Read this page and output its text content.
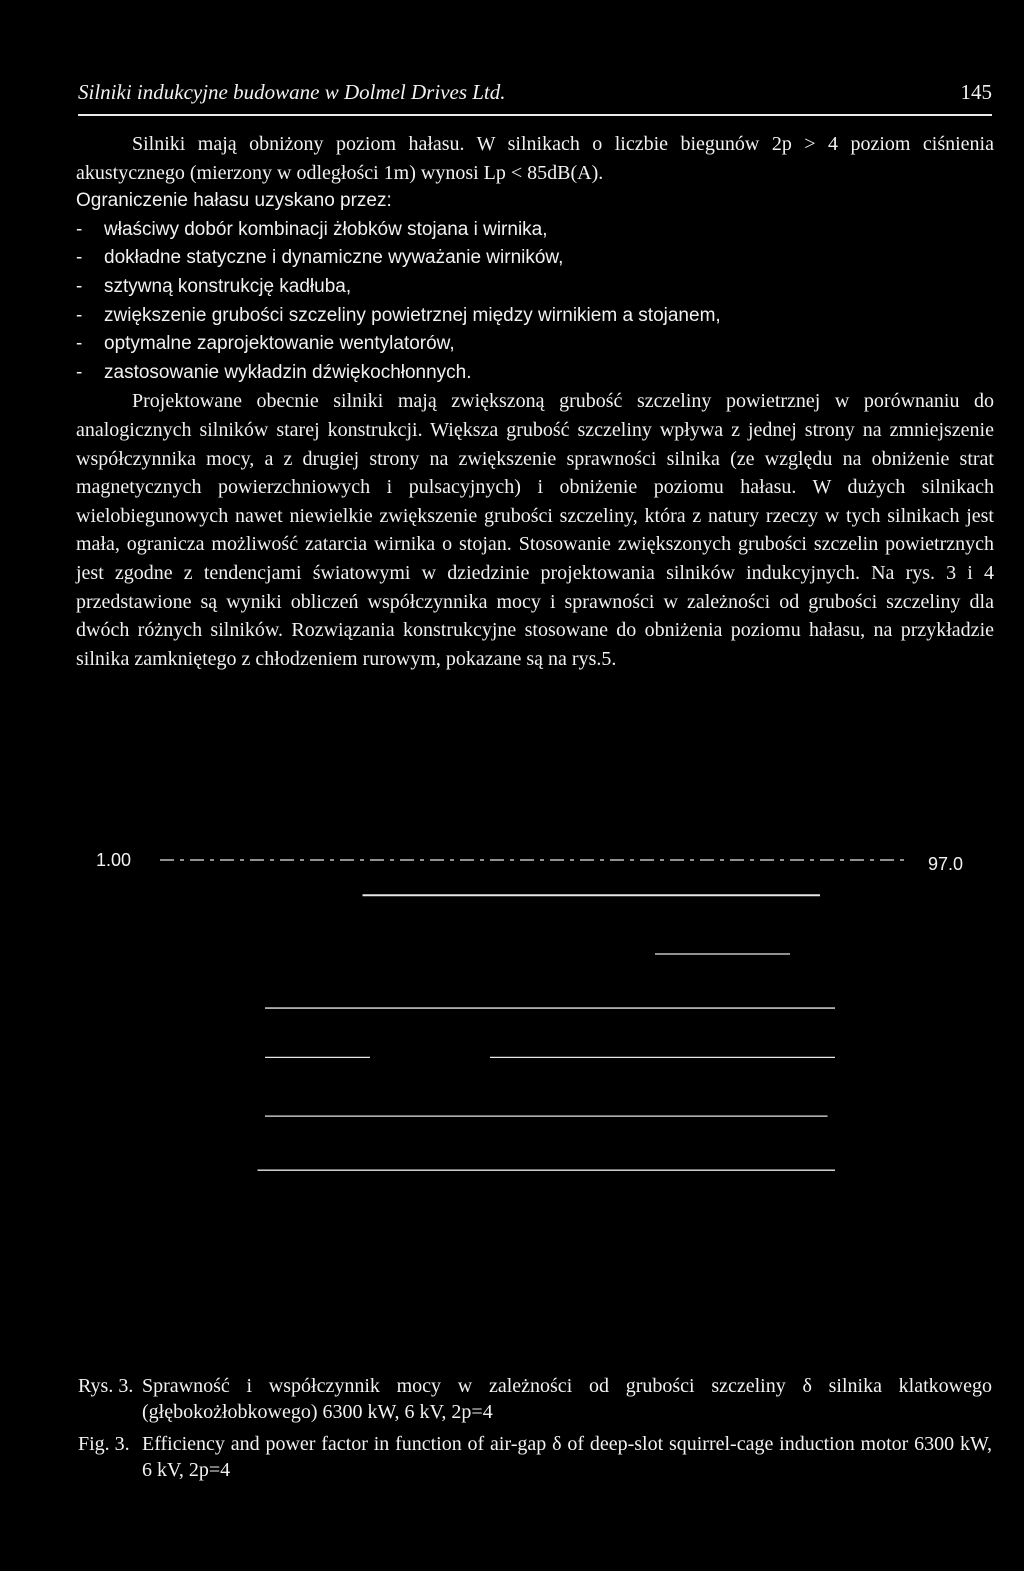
Silniki indukcyjne budowane w Dolmel Drives Ltd.	145

Silniki mają obniżony poziom hałasu. W silnikach o liczbie biegunów 2p > 4 poziom ciśnienia akustycznego (mierzony w odległości 1m) wynosi Lp < 85dB(A).

Ograniczenie hałasu uzyskano przez:

-	właściwy dobór kombinacji żłobków stojana i wirnika,
-	dokładne statyczne i dynamiczne wyważanie wirników,
-	sztywną konstrukcję kadłuba,
-	zwiększenie grubości szczeliny powietrznej między wirnikiem a stojanem,
-	optymalne zaprojektowanie wentylatorów,
-	zastosowanie wykładzin dźwiękochłonnych.

Projektowane obecnie silniki mają zwiększoną grubość szczeliny powietrznej w porównaniu do analogicznych silników starej konstrukcji. Większa grubość szczeliny wpływa z jednej strony na zmniejszenie współczynnika mocy, a z drugiej strony na zwiększenie sprawności silnika (ze względu na obniżenie strat magnetycznych powierzchniowych i pulsacyjnych) i obniżenie poziomu hałasu. W dużych silnikach wielobiegunowych nawet niewielkie zwiększenie grubości szczeliny, która z natury rzeczy w tych silnikach jest mała, ogranicza możliwość zatarcia wirnika o stojan. Stosowanie zwiększonych grubości szczelin powietrznych jest zgodne z tendencjami światowymi w dziedzinie projektowania silników indukcyjnych. Na rys. 3 i 4 przedstawione są wyniki obliczeń współczynnika mocy i sprawności w zależności od grubości szczeliny dla dwóch różnych silników. Rozwiązania konstrukcyjne stosowane do obniżenia poziomu hałasu, na przykładzie silnika zamkniętego z chłodzeniem rurowym, pokazane są na rys.5.

1.00	97.0
Rys. 3. Sprawność i współczynnik mocy w zależności od grubości szczeliny δ silnika klatkowego (głębokożłobkowego) 6300 kW, 6 kV, 2p=4
Fig. 3. Efficiency and power factor in function of air-gap δ of deep-slot squirrel-cage induction motor 6300 kW, 6 kV, 2p=4
